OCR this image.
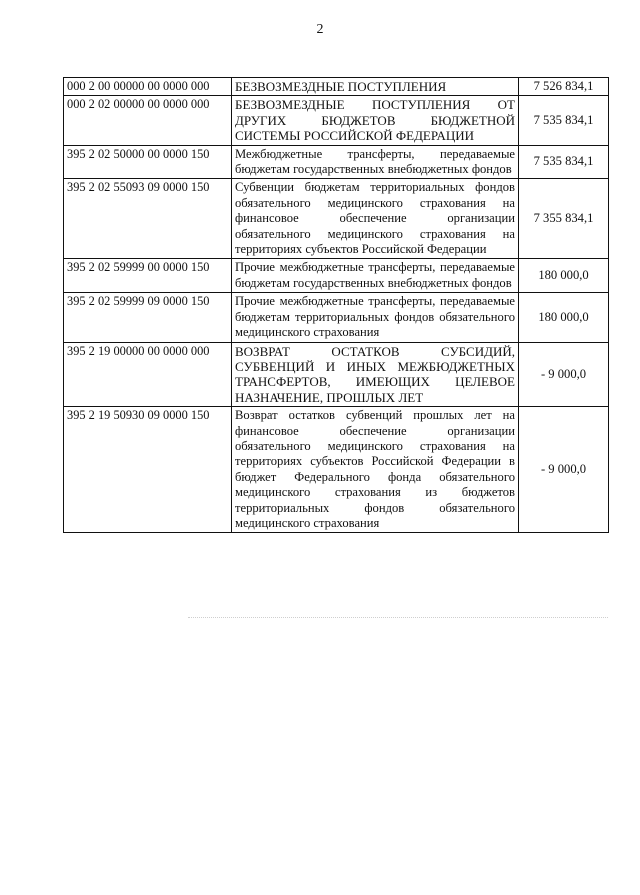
2
000 2 00 00000 00 0000 000	БЕЗВОЗМЕЗДНЫЕ ПОСТУПЛЕНИЯ	7 526 834,1
000 2 02 00000 00 0000 000	БЕЗВОЗМЕЗДНЫЕ ПОСТУПЛЕНИЯ ОТ ДРУГИХ БЮДЖЕТОВ БЮДЖЕТНОЙ СИСТЕМЫ РОССИЙСКОЙ ФЕДЕРАЦИИ	7 535 834,1
395 2 02 50000 00 0000 150	Межбюджетные трансферты, передаваемые бюджетам государственных внебюджетных фондов	7 535 834,1
395 2 02 55093 09 0000 150	Субвенции бюджетам территориальных фондов обязательного медицинского страхования на финансовое обеспечение организации обязательного медицинского страхования на территориях субъектов Российской Федерации	7 355 834,1
395 2 02 59999 00 0000 150	Прочие межбюджетные трансферты, передаваемые бюджетам государственных внебюджетных фондов	180 000,0
395 2 02 59999 09 0000 150	Прочие межбюджетные трансферты, передаваемые бюджетам территориальных фондов обязательного медицинского страхования	180 000,0
395 2 19 00000 00 0000 000	ВОЗВРАТ ОСТАТКОВ СУБСИДИЙ, СУБВЕНЦИЙ И ИНЫХ МЕЖБЮДЖЕТНЫХ ТРАНСФЕРТОВ, ИМЕЮЩИХ ЦЕЛЕВОЕ НАЗНАЧЕНИЕ, ПРОШЛЫХ ЛЕТ	- 9 000,0
395 2 19 50930 09 0000 150	Возврат остатков субвенций прошлых лет на финансовое обеспечение организации обязательного медицинского страхования на территориях субъектов Российской Федерации в бюджет Федерального фонда обязательного медицинского страхования из бюджетов территориальных фондов обязательного медицинского страхования	- 9 000,0
